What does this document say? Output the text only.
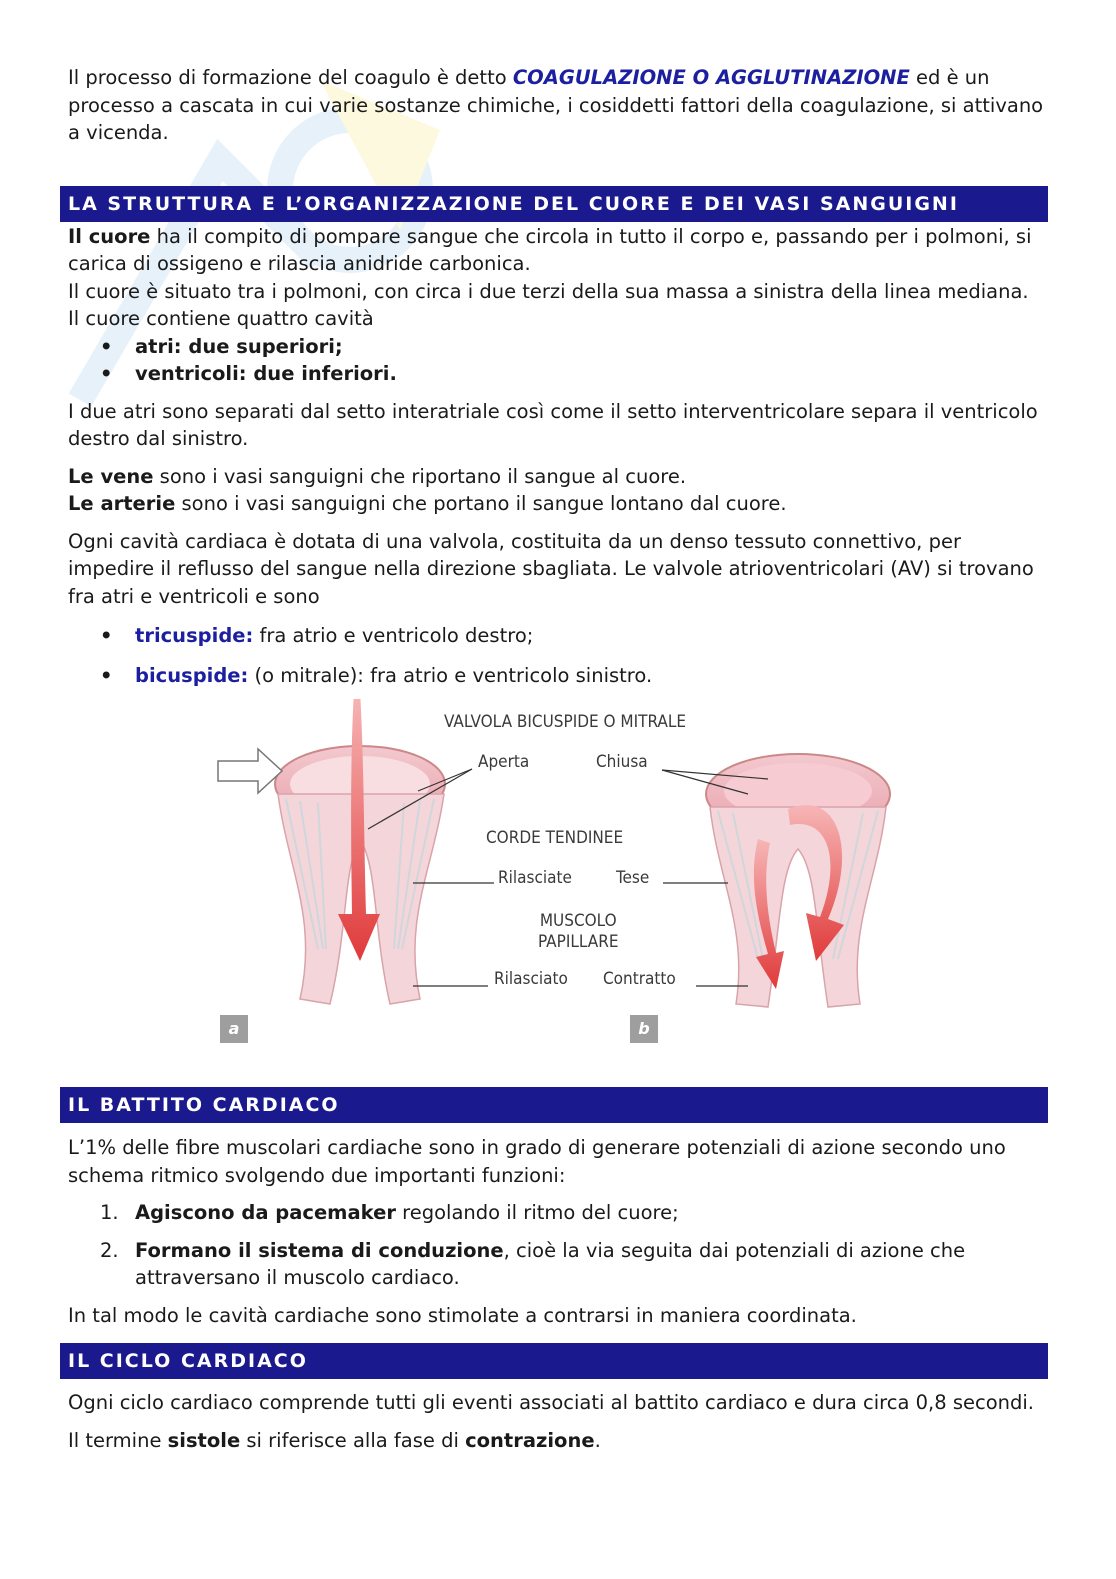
Il processo di formazione del coagulo è detto COAGULAZIONE O AGGLUTINAZIONE ed è un processo a cascata in cui varie sostanze chimiche, i cosiddetti fattori della coagulazione, si attivano a vicenda.

LA STRUTTURA E L’ORGANIZZAZIONE DEL CUORE E DEI VASI SANGUIGNI

Il cuore ha il compito di pompare sangue che circola in tutto il corpo e, passando per i polmoni, si carica di ossigeno e rilascia anidride carbonica.

Il cuore è situato tra i polmoni, con circa i due terzi della sua massa a sinistra della linea mediana.

Il cuore contiene quattro cavità

• atri: due superiori;
• ventricoli: due inferiori.

I due atri sono separati dal setto interatriale così come il setto interventricolare separa il ventricolo destro dal sinistro.

Le vene sono i vasi sanguigni che riportano il sangue al cuore.

Le arterie sono i vasi sanguigni che portano il sangue lontano dal cuore.

Ogni cavità cardiaca è dotata di una valvola, costituita da un denso tessuto connettivo, per impedire il reflusso del sangue nella direzione sbagliata. Le valvole atrioventricolari (AV) si trovano fra atri e ventricoli e sono

• tricuspide: fra atrio e ventricolo destro;
• bicuspide: (o mitrale): fra atrio e ventricolo sinistro.
VALVOLA BICUSPIDE O MITRALE
Aperta	Chiusa
CORDE TENDINEE
Rilasciate	Tese
MUSCOLO
PAPILLARE
Rilasciato Contratto
a	b
IL BATTITO CARDIACO

L’1% delle fibre muscolari cardiache sono in grado di generare potenziali di azione secondo uno schema ritmico svolgendo due importanti funzioni:

1. Agiscono da pacemaker regolando il ritmo del cuore;
2. Formano il sistema di conduzione, cioè la via seguita dai potenziali di azione che attraversano il muscolo cardiaco.

In tal modo le cavità cardiache sono stimolate a contrarsi in maniera coordinata.

IL CICLO CARDIACO

Ogni ciclo cardiaco comprende tutti gli eventi associati al battito cardiaco e dura circa 0,8 secondi.

Il termine sistole si riferisce alla fase di contrazione.
